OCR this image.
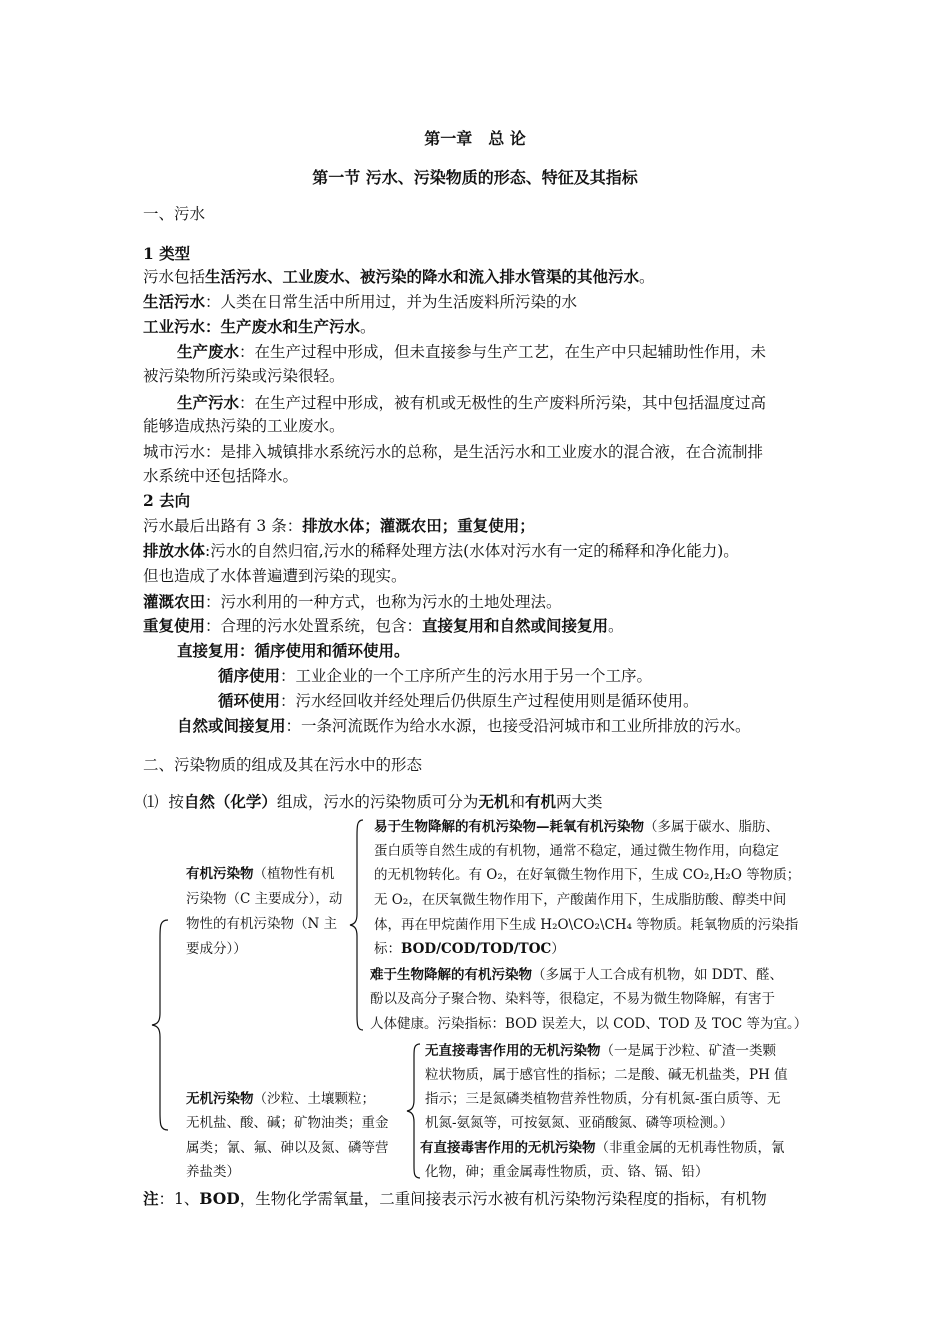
第一章　总 论
第一节 污水、污染物质的形态、特征及其指标
一、污水
1 类型
污水包括生活污水、工业废水、被污染的降水和流入排水管渠的其他污水。
生活污水：人类在日常生活中所用过，并为生活废料所污染的水
工业污水：生产废水和生产污水。
生产废水：在生产过程中形成，但未直接参与生产工艺，在生产中只起辅助性作用，未
被污染物所污染或污染很轻。
生产污水：在生产过程中形成，被有机或无极性的生产废料所污染，其中包括温度过高
能够造成热污染的工业废水。
城市污水：是排入城镇排水系统污水的总称，是生活污水和工业废水的混合液，在合流制排
水系统中还包括降水。
2 去向
污水最后出路有 3 条：排放水体；灌溉农田；重复使用；
排放水体:污水的自然归宿,污水的稀释处理方法(水体对污水有一定的稀释和净化能力)。
但也造成了水体普遍遭到污染的现实。
灌溉农田：污水利用的一种方式，也称为污水的土地处理法。
重复使用：合理的污水处置系统，包含：直接复用和自然或间接复用。
直接复用：循序使用和循环使用。
循序使用：工业企业的一个工序所产生的污水用于另一个工序。
循环使用：污水经回收并经处理后仍供原生产过程使用则是循环使用。
自然或间接复用：一条河流既作为给水水源，也接受沿河城市和工业所排放的污水。
二、污染物质的组成及其在污水中的形态
⑴ 按自然（化学）组成，污水的污染物质可分为无机和有机两大类
有机污染物（植物性有机
污染物（C 主要成分），动
物性的有机污染物（N 主
要成分））
易于生物降解的有机污染物—耗氧有机污染物（多属于碳水、脂肪、
蛋白质等自然生成的有机物，通常不稳定，通过微生物作用，向稳定
的无机物转化。有 O₂，在好氧微生物作用下，生成 CO₂,H₂O 等物质；
无 O₂，在厌氧微生物作用下，产酸菌作用下，生成脂肪酸、醇类中间
体，再在甲烷菌作用下生成 H₂O\CO₂\CH₄ 等物质。耗氧物质的污染指
标：BOD/COD/TOD/TOC）
难于生物降解的有机污染物（多属于人工合成有机物，如 DDT、醛、
酚以及高分子聚合物、染料等，很稳定，不易为微生物降解，有害于
人体健康。污染指标：BOD 误差大，以 COD、TOD 及 TOC 等为宜。）
无机污染物（沙粒、土壤颗粒；
无机盐、酸、碱；矿物油类；重金
属类；氰、氟、砷以及氮、磷等营
养盐类）
无直接毒害作用的无机污染物（一是属于沙粒、矿渣一类颗
粒状物质，属于感官性的指标；二是酸、碱无机盐类，PH 值
指示；三是氮磷类植物营养性物质，分有机氮-蛋白质等、无
机氮-氨氮等，可按氨氮、亚硝酸氮、磷等项检测。）
有直接毒害作用的无机污染物（非重金属的无机毒性物质，氰
化物，砷；重金属毒性物质，贡、铬、镉、铅）
注：1、BOD，生物化学需氧量，二重间接表示污水被有机污染物污染程度的指标，有机物
